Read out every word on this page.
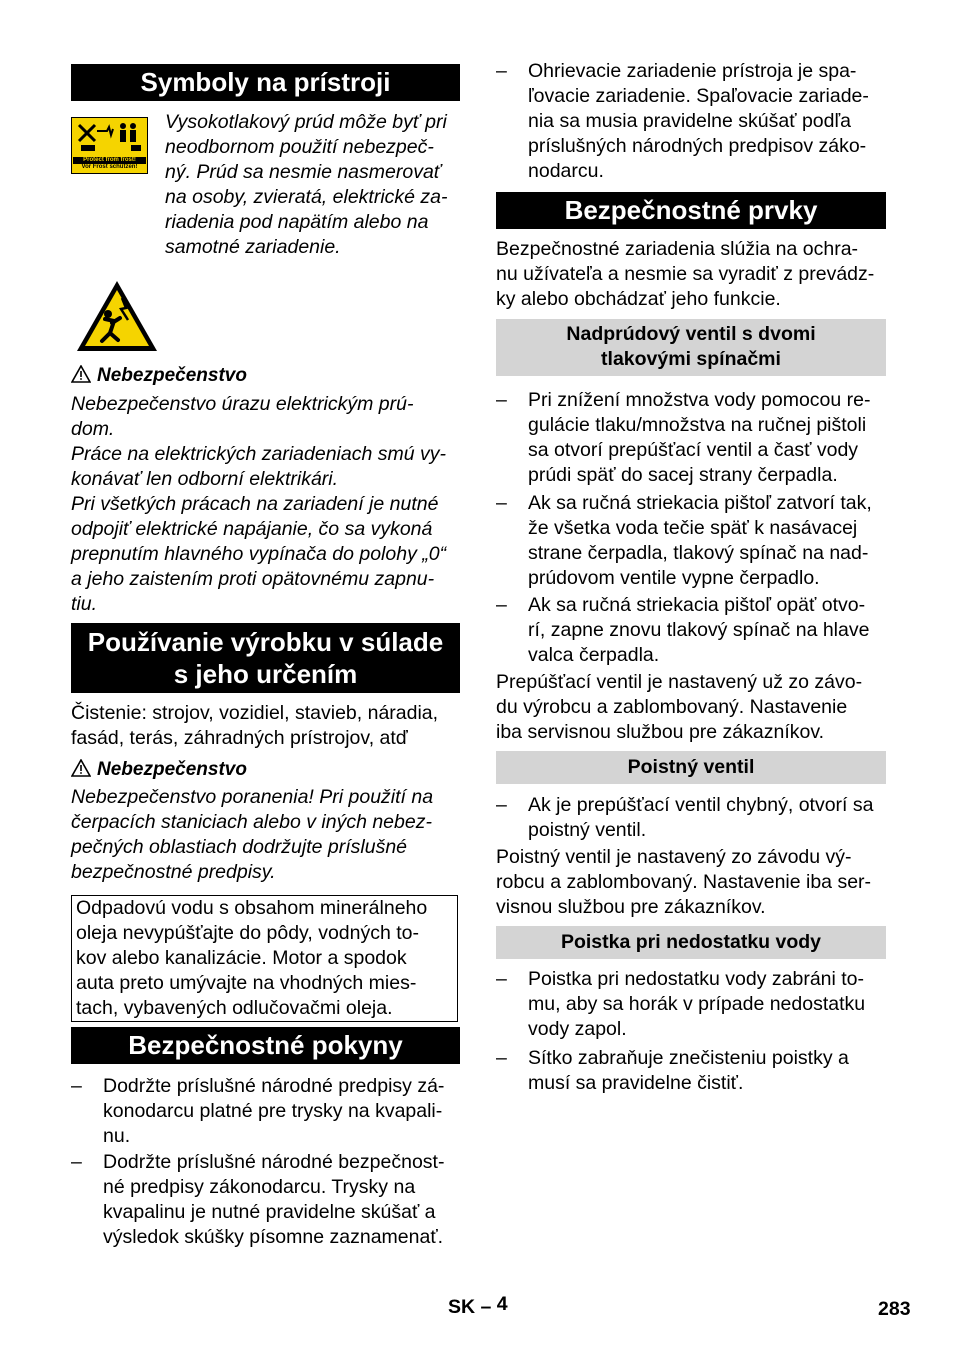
Symboly na prístroji
Protect from frost!
Vor Frost schützen!
Vysokotlakový prúd môže byť pri
neodbornom použití nebezpeč-
ný. Prúd sa nesmie nasmerovať
na osoby, zvieratá, elektrické za-
riadenia pod napätím alebo na
samotné zariadenie.
Nebezpečenstvo
Nebezpečenstvo úrazu elektrickým prú-
dom.
Práce na elektrických zariadeniach smú vy-
konávať len odborní elektrikári.
Pri všetkých prácach na zariadení je nutné
odpojiť elektrické napájanie, čo sa vykoná
prepnutím hlavného vypínača do polohy „0“
a jeho zaistením proti opätovnému zapnu-
tiu.
Používanie výrobku v súlade
s jeho určením
Čistenie: strojov, vozidiel, stavieb, náradia,
fasád, terás, záhradných prístrojov, atď
Nebezpečenstvo
Nebezpečenstvo poranenia! Pri použití na
čerpacích staniciach alebo v iných nebez-
pečných oblastiach dodržujte príslušné
bezpečnostné predpisy.
Odpadovú vodu s obsahom minerálneho
oleja nevypúšťajte do pôdy, vodných to-
kov alebo kanalizácie. Motor a spodok
auta preto umývajte na vhodných mies-
tach, vybavených odlučovačmi oleja.
Bezpečnostné pokyny
– Dodržte príslušné národné predpisy zá-
konodarcu platné pre trysky na kvapali-
nu.
– Dodržte príslušné národné bezpečnost-
né predpisy zákonodarcu. Trysky na
kvapalinu je nutné pravidelne skúšať a
výsledok skúšky písomne zaznamenať.
– Ohrievacie zariadenie prístroja je spa-
ľovacie zariadenie. Spaľovacie zariade-
nia sa musia pravidelne skúšať podľa
príslušných národných predpisov záko-
nodarcu.
Bezpečnostné prvky
Bezpečnostné zariadenia slúžia na ochra-
nu užívateľa a nesmie sa vyradiť z prevádz-
ky alebo obchádzať jeho funkcie.
Nadprúdový ventil s dvomi
tlakovými spínačmi
– Pri znížení množstva vody pomocou re-
gulácie tlaku/množstva na ručnej pištoli
sa otvorí prepúšťací ventil a časť vody
prúdi späť do sacej strany čerpadla.
– Ak sa ručná striekacia pištoľ zatvorí tak,
že všetka voda tečie späť k nasávacej
strane čerpadla, tlakový spínač na nad-
prúdovom ventile vypne čerpadlo.
– Ak sa ručná striekacia pištoľ opäť otvo-
rí, zapne znovu tlakový spínač na hlave
valca čerpadla.
Prepúšťací ventil je nastavený už zo závo-
du výrobcu a zablombovaný. Nastavenie
iba servisnou službou pre zákazníkov.
Poistný ventil
– Ak je prepúšťací ventil chybný, otvorí sa
poistný ventil.
Poistný ventil je nastavený zo závodu vý-
robcu a zablombovaný. Nastavenie iba ser-
visnou službou pre zákazníkov.
Poistka pri nedostatku vody
– Poistka pri nedostatku vody zabráni to-
mu, aby sa horák v prípade nedostatku
vody zapol.
– Sítko zabraňuje znečisteniu poistky a
musí sa pravidelne čistiť.
SK – 4	283
